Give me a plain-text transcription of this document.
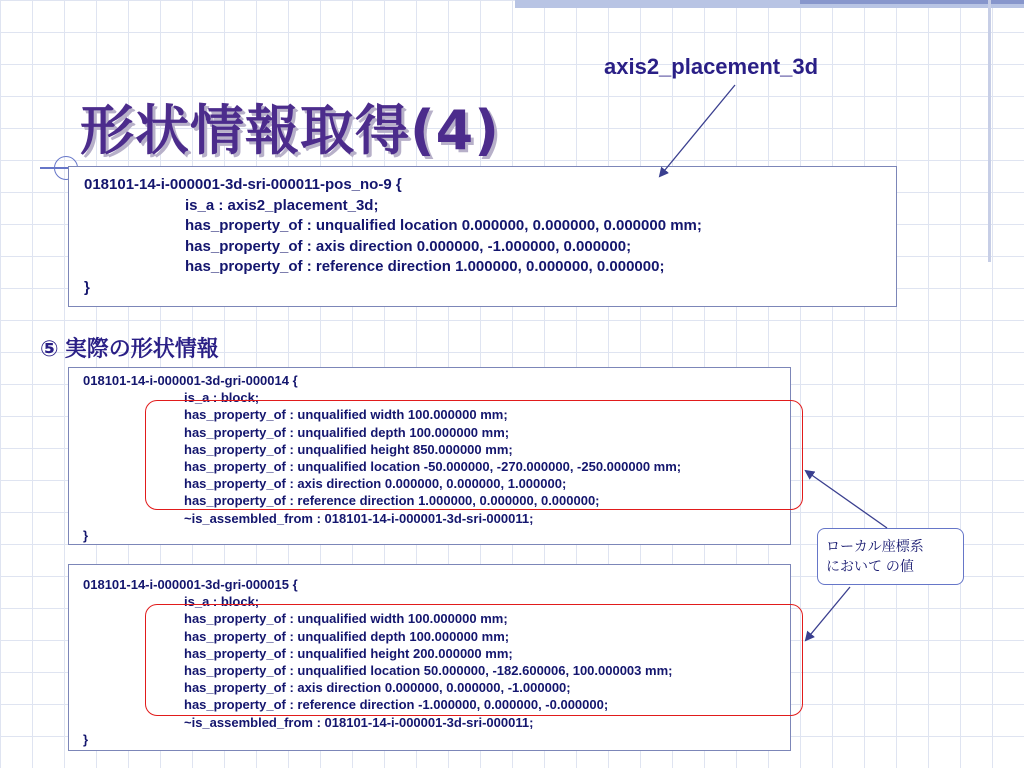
形状情報取得(4)
axis2_placement_3d
018101-14-i-000001-3d-sri-000011-pos_no-9 {
is_a : axis2_placement_3d;
has_property_of : unqualified location 0.000000, 0.000000, 0.000000 mm;
has_property_of : axis direction 0.000000, -1.000000, 0.000000;
has_property_of : reference direction 1.000000, 0.000000, 0.000000;
}
⑤ 実際の形状情報
018101-14-i-000001-3d-gri-000014 {
is_a : block;
has_property_of : unqualified width 100.000000 mm;
has_property_of : unqualified depth 100.000000 mm;
has_property_of : unqualified height 850.000000 mm;
has_property_of : unqualified location -50.000000, -270.000000, -250.000000 mm;
has_property_of : axis direction 0.000000, 0.000000, 1.000000;
has_property_of : reference direction 1.000000, 0.000000, 0.000000;
~is_assembled_from : 018101-14-i-000001-3d-sri-000011;
}
018101-14-i-000001-3d-gri-000015 {
is_a : block;
has_property_of : unqualified width 100.000000 mm;
has_property_of : unqualified depth 100.000000 mm;
has_property_of : unqualified height 200.000000 mm;
has_property_of : unqualified location 50.000000, -182.600006, 100.000003 mm;
has_property_of : axis direction 0.000000, 0.000000, -1.000000;
has_property_of : reference direction -1.000000, 0.000000, -0.000000;
~is_assembled_from : 018101-14-i-000001-3d-sri-000011;
}
ローカル座標系
において の値
